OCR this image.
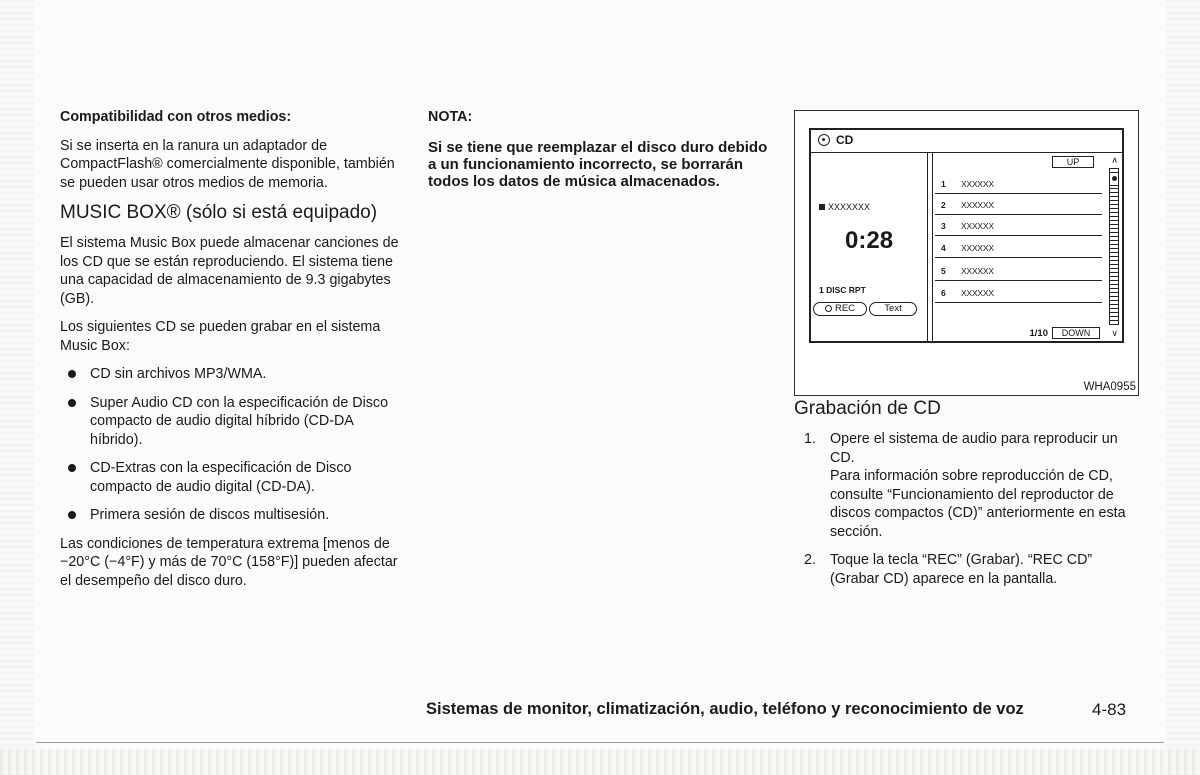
Compatibilidad con otros medios:

Si se inserta en la ranura un adaptador de CompactFlash® comercialmente disponible, también se pueden usar otros medios de memoria.

MUSIC BOX® (sólo si está equipado)

El sistema Music Box puede almacenar canciones de los CD que se están reproduciendo. El sistema tiene una capacidad de almacenamiento de 9.3 gigabytes (GB).

Los siguientes CD se pueden grabar en el sistema Music Box:

CD sin archivos MP3/WMA.
Super Audio CD con la especificación de Disco compacto de audio digital híbrido (CD-DA híbrido).
CD-Extras con la especificación de Disco compacto de audio digital (CD-DA).
Primera sesión de discos multisesión.

Las condiciones de temperatura extrema [menos de −20°C (−4°F) y más de 70°C (158°F)] pueden afectar el desempeño del disco duro.

NOTA:

Si se tiene que reemplazar el disco duro debido a un funcionamiento incorrecto, se borrarán todos los datos de música almacenados.

CD
XXXXXXX
0:28
1 DISC RPT
REC	Text
UP
1 XXXXXX
2 XXXXXX
3 XXXXXX
4 XXXXXX
5 XXXXXX
6 XXXXXX
1/10	DOWN
∧
∨
WHA0955
Grabación de CD
1. Opere el sistema de audio para reproducir un CD.
Para información sobre reproducción de CD, consulte “Funcionamiento del reproductor de discos compactos (CD)” anteriormente en esta sección.
2. Toque la tecla “REC” (Grabar). “REC CD” (Grabar CD) aparece en la pantalla.
Sistemas de monitor, climatización, audio, teléfono y reconocimiento de voz	4-83
